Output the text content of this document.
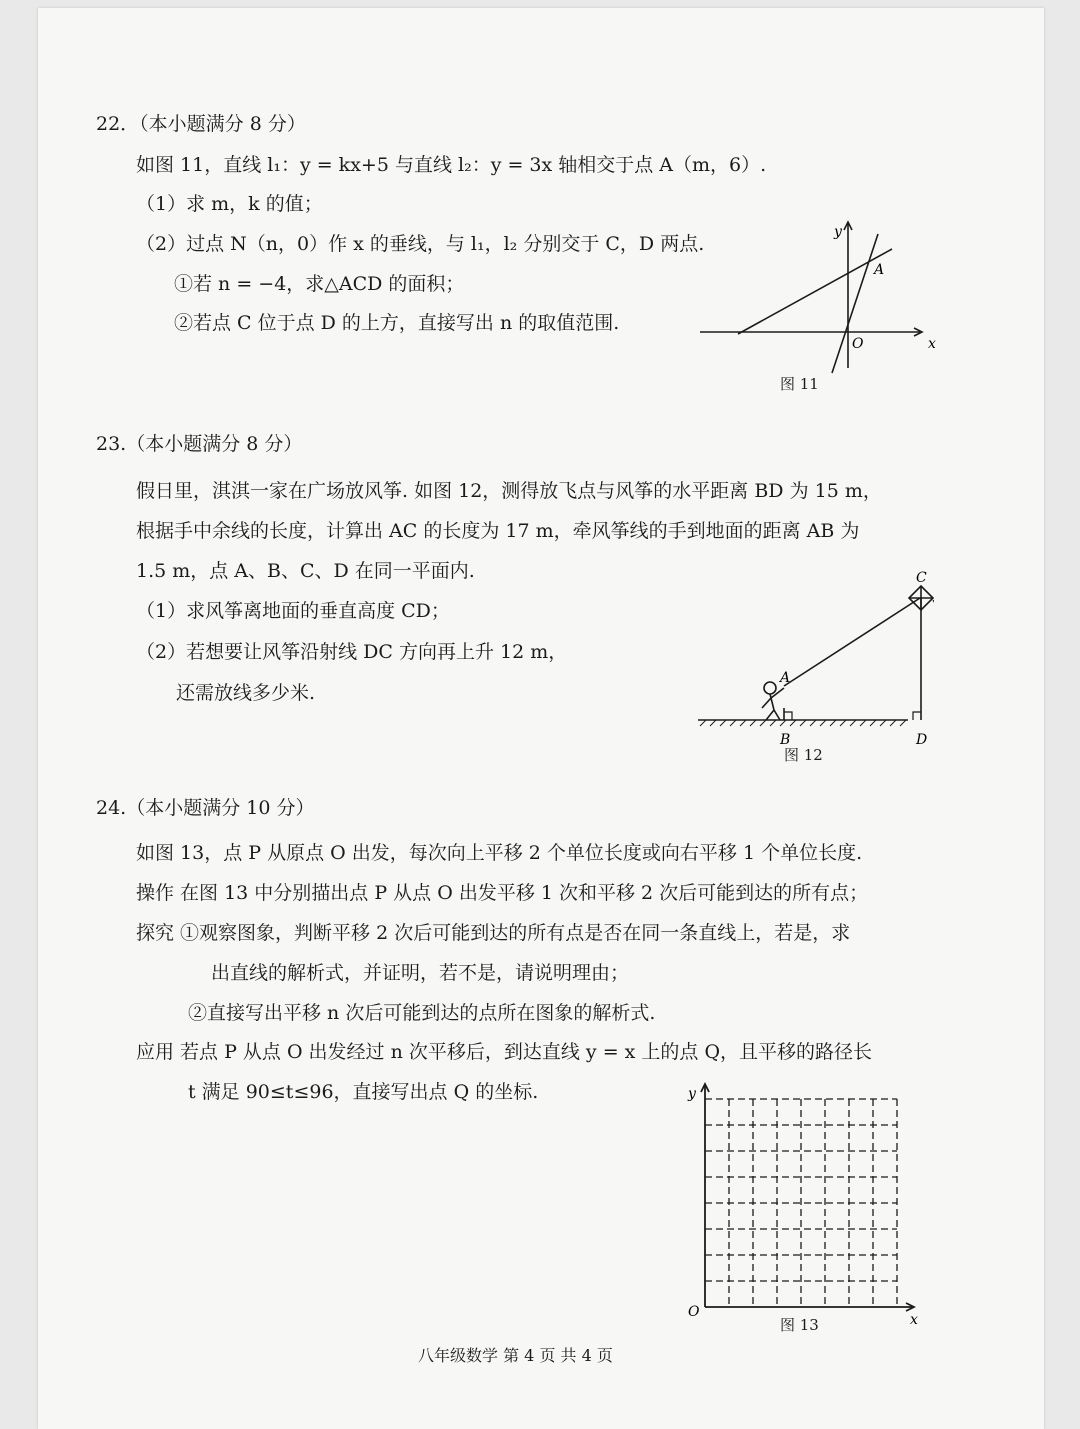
22．（本小题满分 8 分）
如图 11，直线 l₁：y = kx+5 与直线 l₂：y = 3x 轴相交于点 A（m，6）.
（1）求 m，k 的值；
（2）过点 N（n，0）作 x 的垂线，与 l₁，l₂ 分别交于 C，D 两点.
①若 n = −4，求△ACD 的面积；
②若点 C 位于点 D 的上方，直接写出 n 的取值范围.
y
x
O
A
图 11
23.（本小题满分 8 分）
假日里，淇淇一家在广场放风筝. 如图 12，测得放飞点与风筝的水平距离 BD 为 15 m，
根据手中余线的长度，计算出 AC 的长度为 17 m，牵风筝线的手到地面的距离 AB 为
1.5 m，点 A、B、C、D 在同一平面内.
（1）求风筝离地面的垂直高度 CD；
（2）若想要让风筝沿射线 DC 方向再上升 12 m，
还需放线多少米.
A
B
C
D
图 12
24.（本小题满分 10 分）
如图 13，点 P 从原点 O 出发，每次向上平移 2 个单位长度或向右平移 1 个单位长度.
操作 在图 13 中分别描出点 P 从点 O 出发平移 1 次和平移 2 次后可能到达的所有点；
探究 ①观察图象，判断平移 2 次后可能到达的所有点是否在同一条直线上，若是，求
出直线的解析式，并证明，若不是，请说明理由；
②直接写出平移 n 次后可能到达的点所在图象的解析式.
应用 若点 P 从点 O 出发经过 n 次平移后，到达直线 y = x 上的点 Q，且平移的路径长
t 满足 90≤t≤96，直接写出点 Q 的坐标.	y
x
O
图 13
八年级数学 第 4 页 共 4 页
